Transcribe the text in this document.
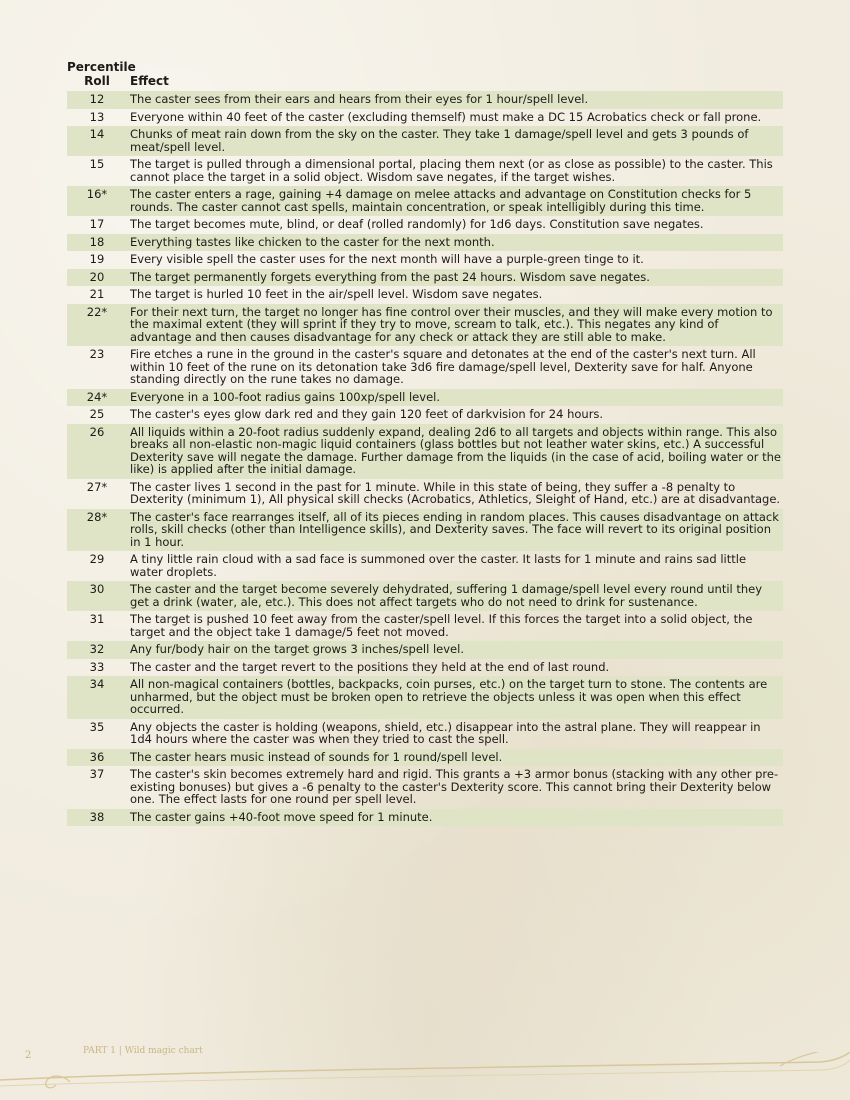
Percentile
Roll	Effect
12	The caster sees from their ears and hears from their eyes for 1 hour/spell level.
13	Everyone within 40 feet of the caster (excluding themself) must make a DC 15 Acrobatics check or fall prone.
14	Chunks of meat rain down from the sky on the caster. They take 1 damage/spell level and gets 3 pounds of meat/spell level.
15	The target is pulled through a dimensional portal, placing them next (or as close as possible) to the caster. This cannot place the target in a solid object. Wisdom save negates, if the target wishes.
16*	The caster enters a rage, gaining +4 damage on melee attacks and advantage on Constitution checks for 5 rounds. The caster cannot cast spells, maintain concentration, or speak intelligibly during this time.
17	The target becomes mute, blind, or deaf (rolled randomly) for 1d6 days. Constitution save negates.
18	Everything tastes like chicken to the caster for the next month.
19	Every visible spell the caster uses for the next month will have a purple-green tinge to it.
20	The target permanently forgets everything from the past 24 hours. Wisdom save negates.
21	The target is hurled 10 feet in the air/spell level. Wisdom save negates.
22*	For their next turn, the target no longer has fine control over their muscles, and they will make every motion to the maximal extent (they will sprint if they try to move, scream to talk, etc.). This negates any kind of advantage and then causes disadvantage for any check or attack they are still able to make.
23	Fire etches a rune in the ground in the caster's square and detonates at the end of the caster's next turn. All within 10 feet of the rune on its detonation take 3d6 fire damage/spell level, Dexterity save for half. Anyone standing directly on the rune takes no damage.
24*	Everyone in a 100-foot radius gains 100xp/spell level.
25	The caster's eyes glow dark red and they gain 120 feet of darkvision for 24 hours.
26	All liquids within a 20-foot radius suddenly expand, dealing 2d6 to all targets and objects within range. This also breaks all non-elastic non-magic liquid containers (glass bottles but not leather water skins, etc.) A successful Dexterity save will negate the damage. Further damage from the liquids (in the case of acid, boiling water or the like) is applied after the initial damage.
27*	The caster lives 1 second in the past for 1 minute. While in this state of being, they suffer a -8 penalty to Dexterity (minimum 1), All physical skill checks (Acrobatics, Athletics, Sleight of Hand, etc.) are at disadvantage.
28*	The caster's face rearranges itself, all of its pieces ending in random places. This causes disadvantage on attack rolls, skill checks (other than Intelligence skills), and Dexterity saves. The face will revert to its original position in 1 hour.
29	A tiny little rain cloud with a sad face is summoned over the caster. It lasts for 1 minute and rains sad little water droplets.
30	The caster and the target become severely dehydrated, suffering 1 damage/spell level every round until they get a drink (water, ale, etc.). This does not affect targets who do not need to drink for sustenance.
31	The target is pushed 10 feet away from the caster/spell level. If this forces the target into a solid object, the target and the object take 1 damage/5 feet not moved.
32	Any fur/body hair on the target grows 3 inches/spell level.
33	The caster and the target revert to the positions they held at the end of last round.
34	All non-magical containers (bottles, backpacks, coin purses, etc.) on the target turn to stone. The contents are unharmed, but the object must be broken open to retrieve the objects unless it was open when this effect occurred.
35	Any objects the caster is holding (weapons, shield, etc.) disappear into the astral plane. They will reappear in 1d4 hours where the caster was when they tried to cast the spell.
36	The caster hears music instead of sounds for 1 round/spell level.
37	The caster's skin becomes extremely hard and rigid. This grants a +3 armor bonus (stacking with any other pre-existing bonuses) but gives a -6 penalty to the caster's Dexterity score. This cannot bring their Dexterity below one. The effect lasts for one round per spell level.
38	The caster gains +40-foot move speed for 1 minute.
2	PART 1 | Wild magic chart
